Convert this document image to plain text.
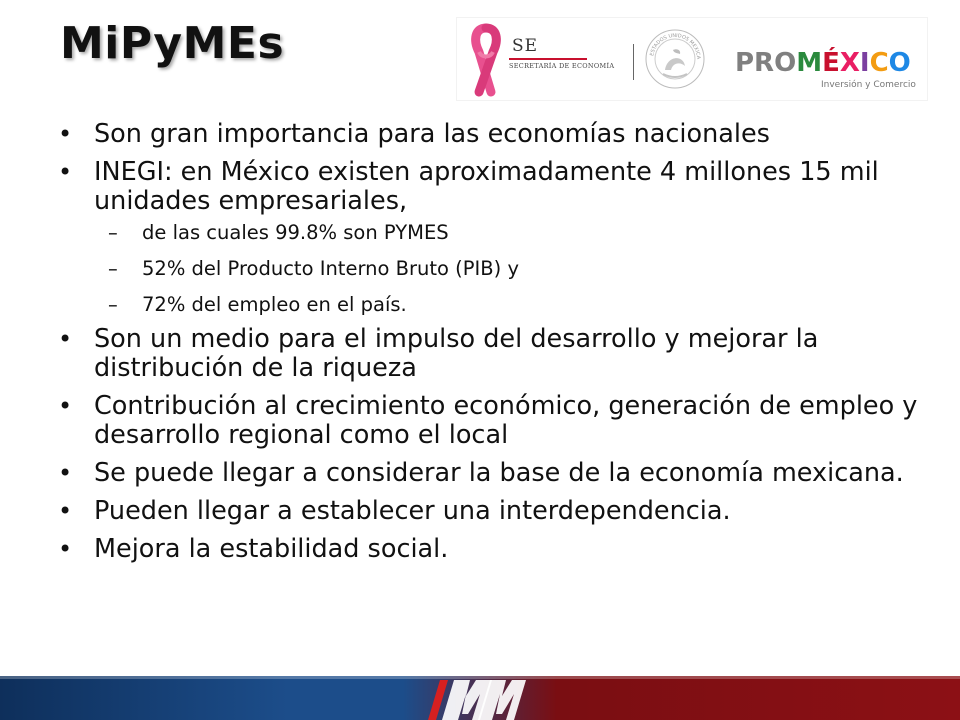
MiPyMEs	SE
SECRETARÍA DE ECONOMÍA
ESTADOS UNIDOS MEXICA PROMÉXICO
Inversión y Comercio
• Son gran importancia para las economías nacionales
• INEGI: en México existen aproximadamente 4 millones 15 mil unidades empresariales,
– de las cuales 99.8% son PYMES
– 52% del Producto Interno Bruto (PIB) y
– 72% del empleo en el país.
• Son un medio para el impulso del desarrollo y mejorar la distribución de la riqueza
• Contribución al crecimiento económico, generación de empleo y desarrollo regional como el local
• Se puede llegar a considerar la base de la economía mexicana.
• Pueden llegar a establecer una interdependencia.
• Mejora la estabilidad social.
